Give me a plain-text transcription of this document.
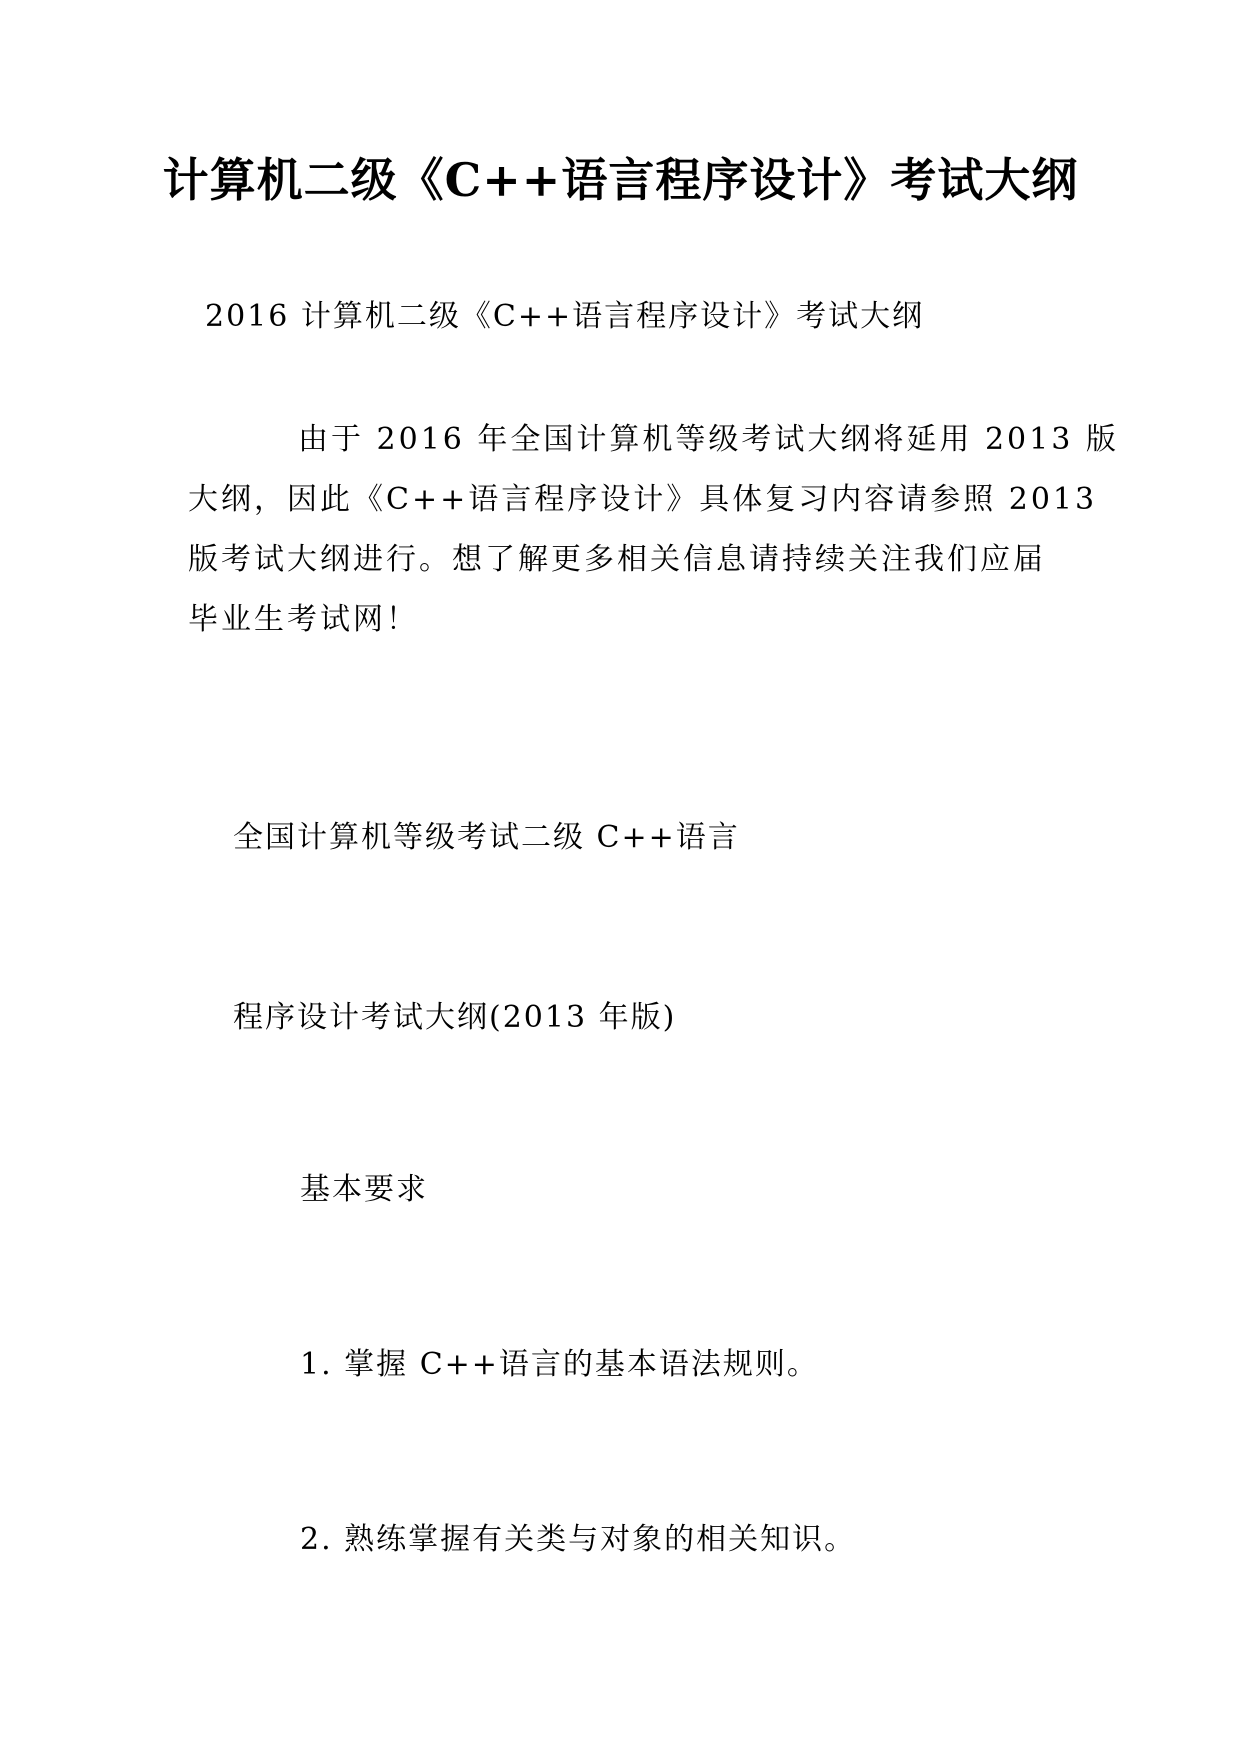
计算机二级《C++语言程序设计》考试大纲
2016 计算机二级《C++语言程序设计》考试大纲
由于 2016 年全国计算机等级考试大纲将延用 2013 版
大纲，因此《C++语言程序设计》具体复习内容请参照 2013
版考试大纲进行。想了解更多相关信息请持续关注我们应届
毕业生考试网！
全国计算机等级考试二级 C++语言
程序设计考试大纲(2013 年版)
基本要求
1. 掌握 C++语言的基本语法规则。
2. 熟练掌握有关类与对象的相关知识。
